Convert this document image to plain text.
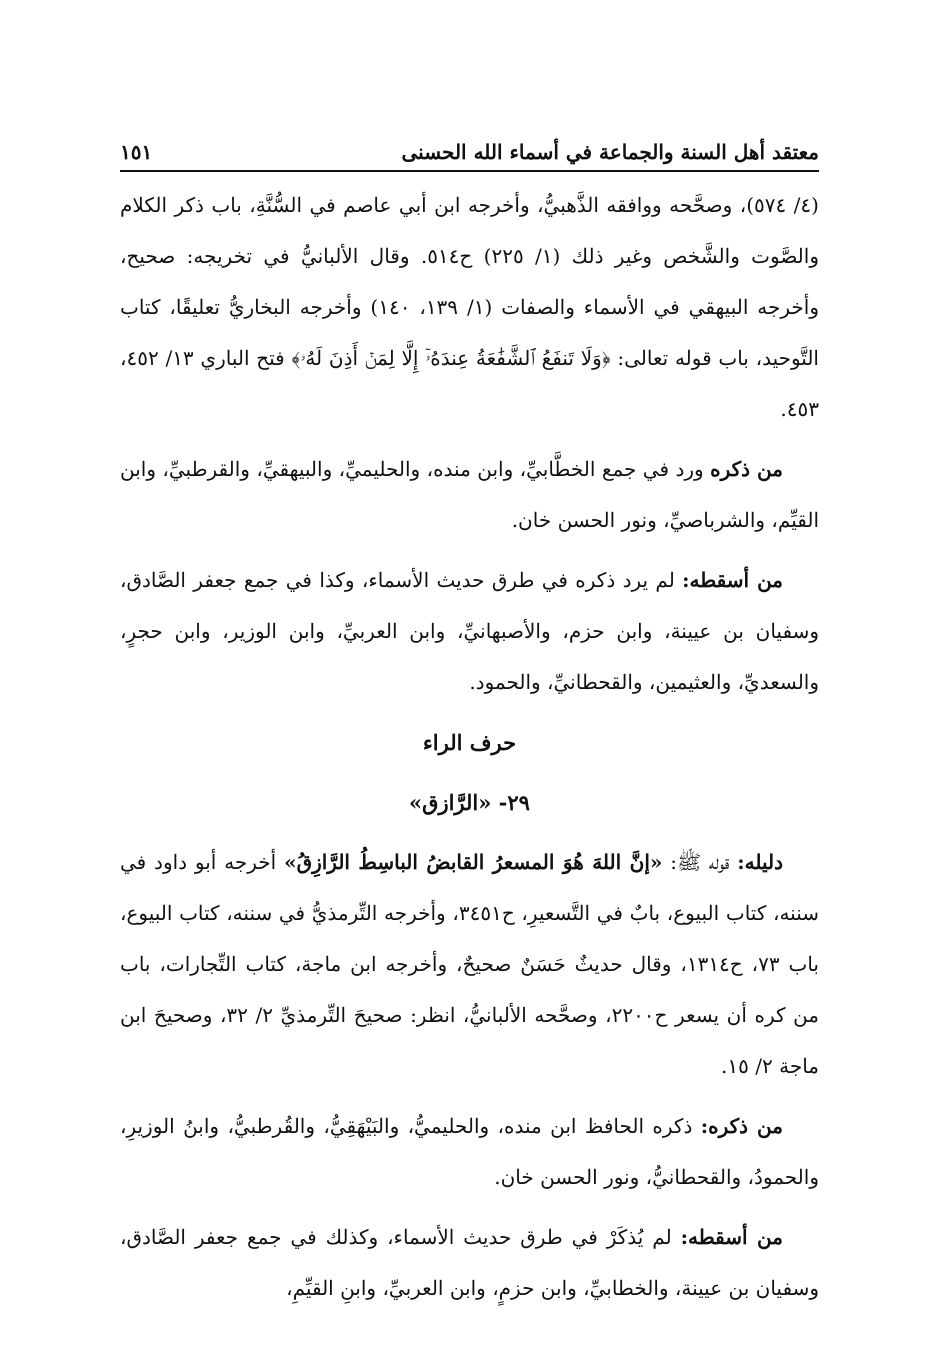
معتقد أهل السنة والجماعة في أسماء الله الحسنى
١٥١

(٤/ ٥٧٤)، وصحَّحه ووافقه الذَّهبيُّ، وأخرجه ابن أبي عاصم في السُّنَّةِ، باب ذكر الكلام والصَّوت والشَّخص وغير ذلك (١/ ٢٢٥) ح٥١٤. وقال الألبانيُّ في تخريجه: صحيح، وأخرجه البيهقي في الأسماء والصفات (١/ ١٣٩، ١٤٠) وأخرجه البخاريُّ تعليقًا، كتاب التَّوحيد، باب قوله تعالى: ﴿وَلَا تَنفَعُ ٱلشَّفَٰعَةُ عِندَهُۥٓ إِلَّا لِمَنۡ أَذِنَ لَهُۥ﴾ فتح الباري ١٣/ ٤٥٢، ٤٥٣.

من ذكره ورد في جمع الخطَّابيِّ، وابن منده، والحليميِّ، والبيهقيِّ، والقرطبيِّ، وابن القيِّم، والشرباصيِّ، ونور الحسن خان.

من أسقطه: لم يرد ذكره في طرق حديث الأسماء، وكذا في جمع جعفر الصَّادق، وسفيان بن عيينة، وابن حزم، والأصبهانيِّ، وابن العربيِّ، وابن الوزير، وابن حجرٍ، والسعديِّ، والعثيمين، والقحطانيِّ، والحمود.

حرف الراء

٢٩- «الرَّازق»

دليله: قوله ﷺ: «إنَّ اللهَ هُوَ المسعرُ القابضُ الباسِطُ الرَّازِقُ» أخرجه أبو داود في سننه، كتاب البيوع، بابٌ في التَّسعيرِ، ح٣٤٥١، وأخرجه التِّرمذيُّ في سننه، كتاب البيوع، باب ٧٣، ح١٣١٤، وقال حديثٌ حَسَنٌ صحيحٌ، وأخرجه ابن ماجة، كتاب التِّجارات، باب من كره أن يسعر ح٢٢٠٠، وصحَّحه الألبانيُّ، انظر: صحيحَ التِّرمذيِّ ٢/ ٣٢، وصحيحَ ابن ماجة ٢/ ١٥.

من ذكره: ذكره الحافظ ابن منده، والحليميُّ، والبَيْهَقِيُّ، والقُرطبيُّ، وابنُ الوزيرِ، والحمودُ، والقحطانيُّ، ونور الحسن خان.

من أسقطه: لم يُذكَرْ في طرق حديث الأسماء، وكذلك في جمع جعفر الصَّادق، وسفيان بن عيينة، والخطابيِّ، وابن حزمٍ، وابن العربيِّ، وابنِ القيِّمِ،
